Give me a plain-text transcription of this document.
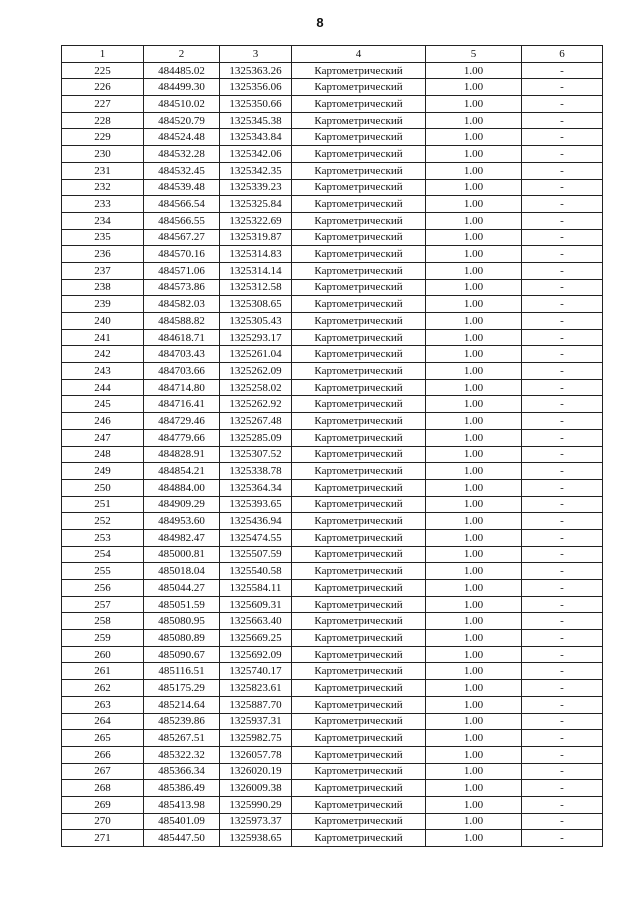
8
1	2	3	4	5	6
225	484485.02	1325363.26	Картометрический	1.00	-
226	484499.30	1325356.06	Картометрический	1.00	-
227	484510.02	1325350.66	Картометрический	1.00	-
228	484520.79	1325345.38	Картометрический	1.00	-
229	484524.48	1325343.84	Картометрический	1.00	-
230	484532.28	1325342.06	Картометрический	1.00	-
231	484532.45	1325342.35	Картометрический	1.00	-
232	484539.48	1325339.23	Картометрический	1.00	-
233	484566.54	1325325.84	Картометрический	1.00	-
234	484566.55	1325322.69	Картометрический	1.00	-
235	484567.27	1325319.87	Картометрический	1.00	-
236	484570.16	1325314.83	Картометрический	1.00	-
237	484571.06	1325314.14	Картометрический	1.00	-
238	484573.86	1325312.58	Картометрический	1.00	-
239	484582.03	1325308.65	Картометрический	1.00	-
240	484588.82	1325305.43	Картометрический	1.00	-
241	484618.71	1325293.17	Картометрический	1.00	-
242	484703.43	1325261.04	Картометрический	1.00	-
243	484703.66	1325262.09	Картометрический	1.00	-
244	484714.80	1325258.02	Картометрический	1.00	-
245	484716.41	1325262.92	Картометрический	1.00	-
246	484729.46	1325267.48	Картометрический	1.00	-
247	484779.66	1325285.09	Картометрический	1.00	-
248	484828.91	1325307.52	Картометрический	1.00	-
249	484854.21	1325338.78	Картометрический	1.00	-
250	484884.00	1325364.34	Картометрический	1.00	-
251	484909.29	1325393.65	Картометрический	1.00	-
252	484953.60	1325436.94	Картометрический	1.00	-
253	484982.47	1325474.55	Картометрический	1.00	-
254	485000.81	1325507.59	Картометрический	1.00	-
255	485018.04	1325540.58	Картометрический	1.00	-
256	485044.27	1325584.11	Картометрический	1.00	-
257	485051.59	1325609.31	Картометрический	1.00	-
258	485080.95	1325663.40	Картометрический	1.00	-
259	485080.89	1325669.25	Картометрический	1.00	-
260	485090.67	1325692.09	Картометрический	1.00	-
261	485116.51	1325740.17	Картометрический	1.00	-
262	485175.29	1325823.61	Картометрический	1.00	-
263	485214.64	1325887.70	Картометрический	1.00	-
264	485239.86	1325937.31	Картометрический	1.00	-
265	485267.51	1325982.75	Картометрический	1.00	-
266	485322.32	1326057.78	Картометрический	1.00	-
267	485366.34	1326020.19	Картометрический	1.00	-
268	485386.49	1326009.38	Картометрический	1.00	-
269	485413.98	1325990.29	Картометрический	1.00	-
270	485401.09	1325973.37	Картометрический	1.00	-
271	485447.50	1325938.65	Картометрический	1.00	-
